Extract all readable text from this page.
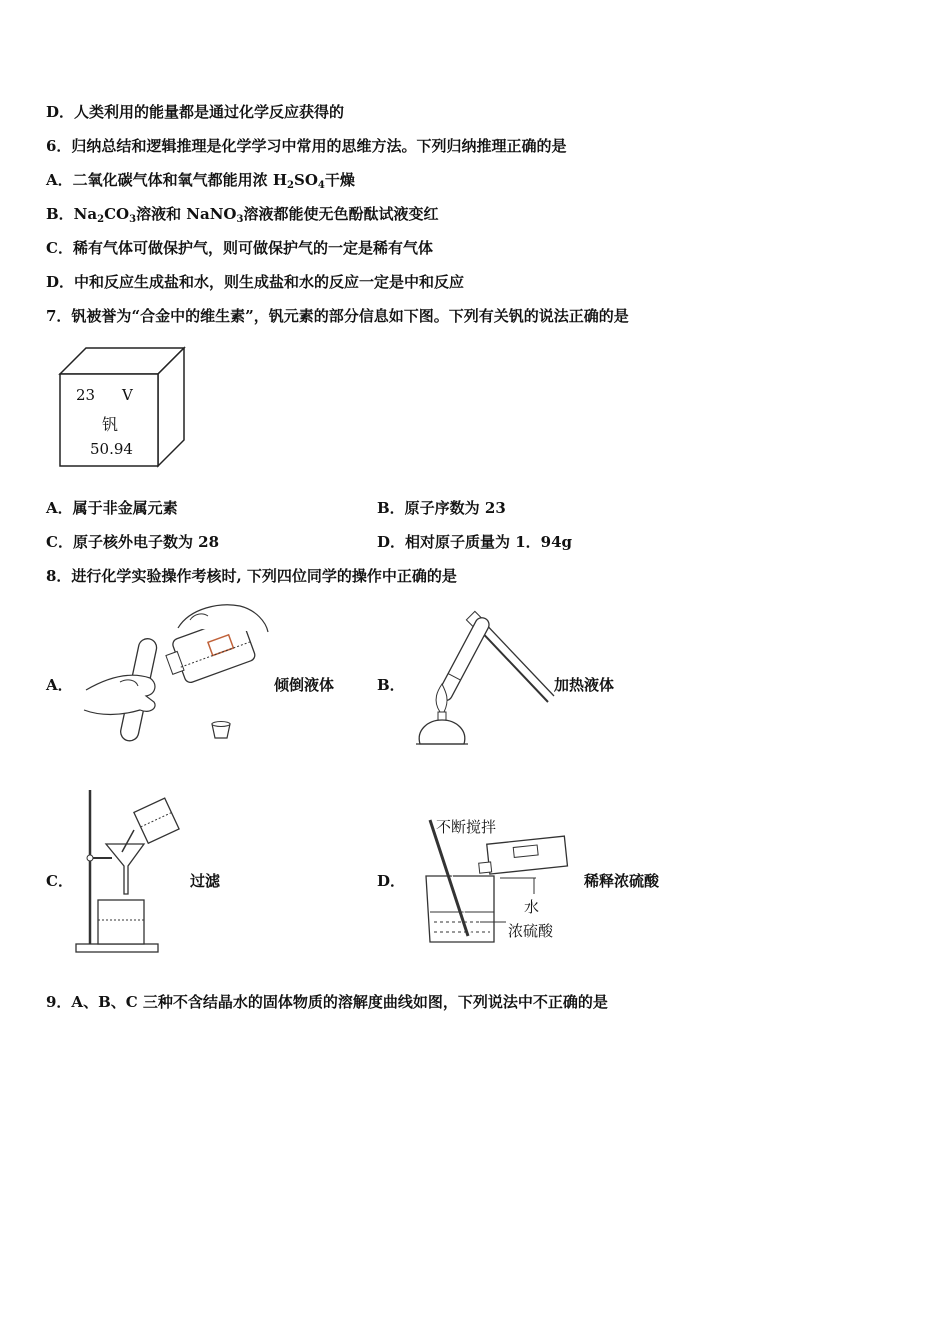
D．人类利用的能量都是通过化学反应获得的
6．归纳总结和逻辑推理是化学学习中常用的思维方法。下列归纳推理正确的是
A．二氧化碳气体和氧气都能用浓 $H_2SO_4$干燥
B．$Na_2CO_3$溶液和 NaNO$_3$溶液都能使无色酚酞试液变红
C．稀有气体可做保护气，则可做保护气的一定是稀有气体
D．中和反应生成盐和水，则生成盐和水的反应一定是中和反应
7．钒被誉为“合金中的维生素”，钒元素的部分信息如下图。下列有关钒的说法正确的是
23 V
钒
50.94
A．属于非金属元素	B．原子序数为 23
C．原子核外电子数为 28	D．相对原子质量为 1．94g
8．进行化学实验操作考核时, 下列四位同学的操作中正确的是
A．	倾倒液体	B．	加热液体
C．	过滤	D．
不断搅拌
水
浓硫酸
稀释浓硫酸
9．A、B、C 三种不含结晶水的固体物质的溶解度曲线如图，下列说法中不正确的是
